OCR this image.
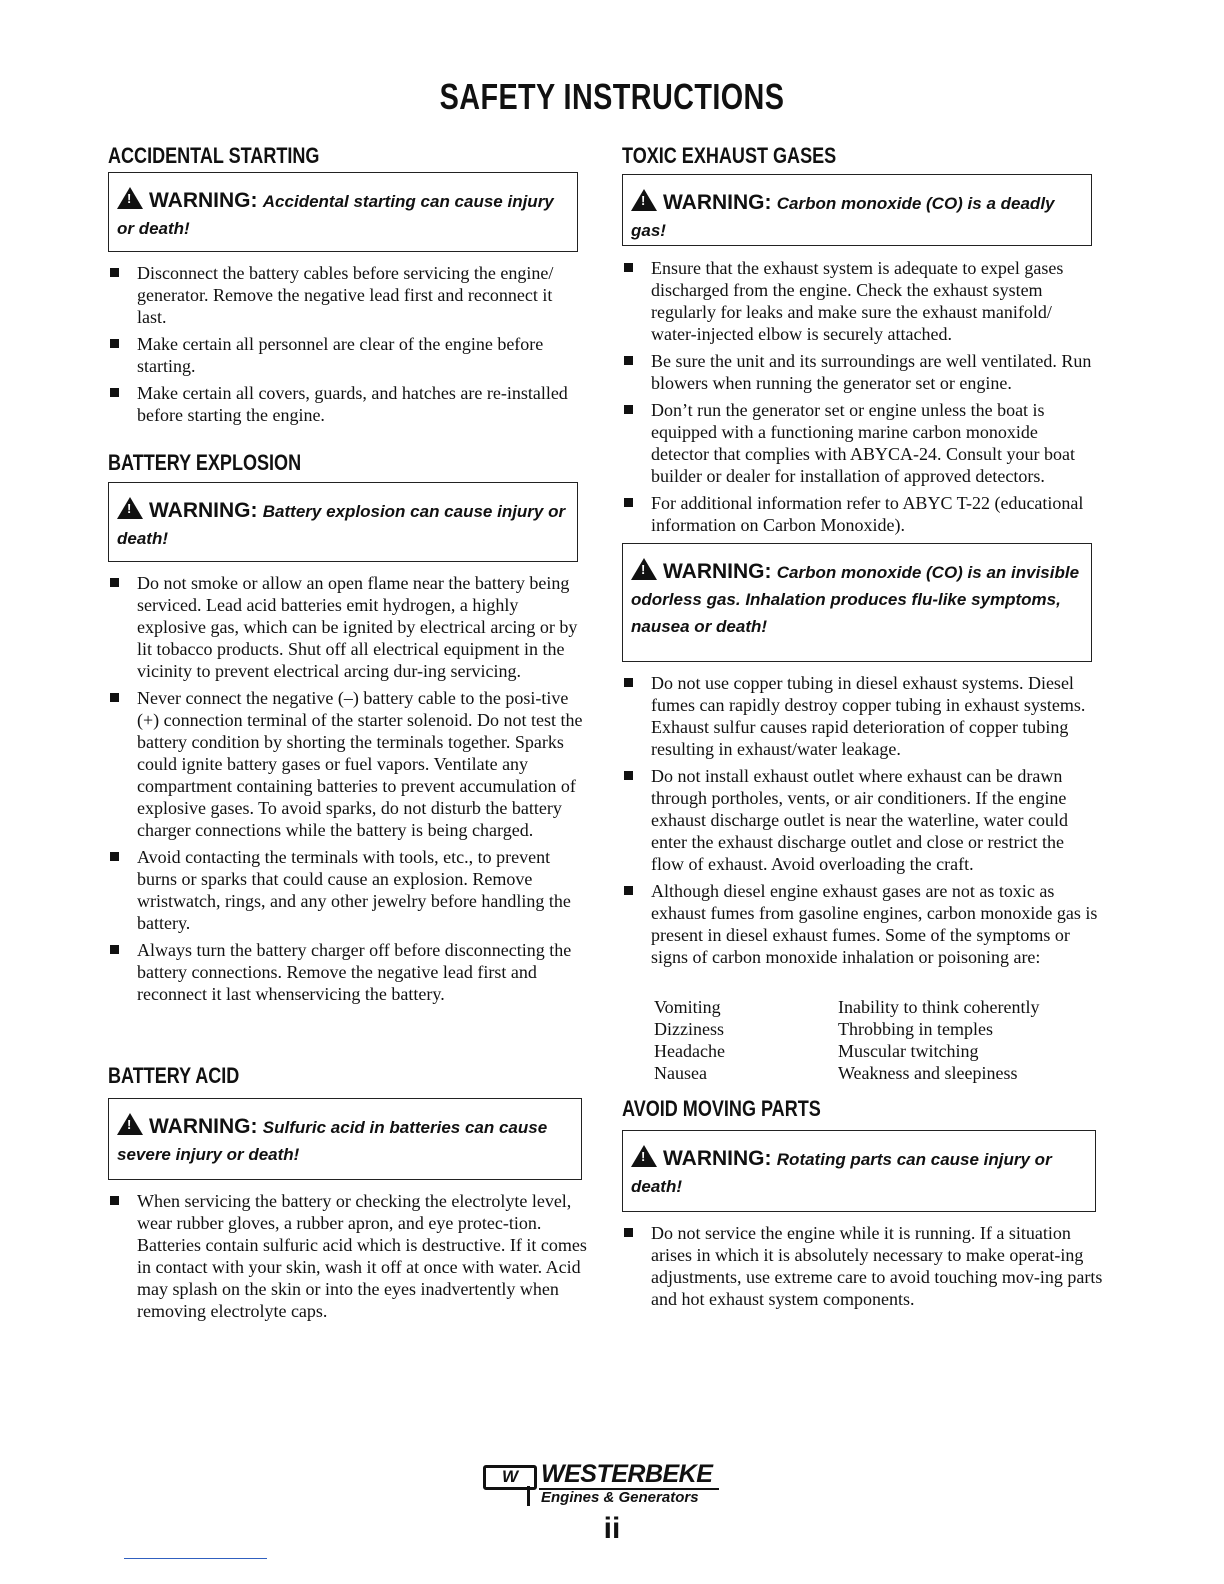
SAFETY INSTRUCTIONS
ACCIDENTAL STARTING
!WARNING: Accidental starting can cause injury or death!
Disconnect the battery cables before servicing the engine/ generator. Remove the negative lead first and reconnect it last.
Make certain all personnel are clear of the engine before starting.
Make certain all covers, guards, and hatches are re-installed before starting the engine.
BATTERY EXPLOSION
!WARNING: Battery explosion can cause injury or death!
Do not smoke or allow an open flame near the battery being serviced. Lead acid batteries emit hydrogen, a highly explosive gas, which can be ignited by electrical arcing or by lit tobacco products. Shut off all electrical equipment in the vicinity to prevent electrical arcing dur-ing servicing.
Never connect the negative (–) battery cable to the posi-tive (+) connection terminal of the starter solenoid. Do not test the battery condition by shorting the terminals together. Sparks could ignite battery gases or fuel vapors. Ventilate any compartment containing batteries to prevent accumulation of explosive gases. To avoid sparks, do not disturb the battery charger connections while the battery is being charged.
Avoid contacting the terminals with tools, etc., to prevent burns or sparks that could cause an explosion. Remove wristwatch, rings, and any other jewelry before handling the battery.
Always turn the battery charger off before disconnecting the battery connections. Remove the negative lead first and reconnect it last whenservicing the battery.
BATTERY ACID
!WARNING: Sulfuric acid in batteries can cause severe injury or death!
When servicing the battery or checking the electrolyte level, wear rubber gloves, a rubber apron, and eye protec-tion. Batteries contain sulfuric acid which is destructive. If it comes in contact with your skin, wash it off at once with water. Acid may splash on the skin or into the eyes inadvertently when removing electrolyte caps.
TOXIC EXHAUST GASES
!WARNING: Carbon monoxide (CO) is a deadly gas!
Ensure that the exhaust system is adequate to expel gases discharged from the engine. Check the exhaust system regularly for leaks and make sure the exhaust manifold/ water-injected elbow is securely attached.
Be sure the unit and its surroundings are well ventilated. Run blowers when running the generator set or engine.
Don’t run the generator set or engine unless the boat is equipped with a functioning marine carbon monoxide detector that complies with ABYCA-24. Consult your boat builder or dealer for installation of approved detectors.
For additional information refer to ABYC T-22 (educational information on Carbon Monoxide).
!WARNING: Carbon monoxide (CO) is an invisible odorless gas. Inhalation produces flu-like symptoms, nausea or death!
Do not use copper tubing in diesel exhaust systems. Diesel fumes can rapidly destroy copper tubing in exhaust systems. Exhaust sulfur causes rapid deterioration of copper tubing resulting in exhaust/water leakage.
Do not install exhaust outlet where exhaust can be drawn through portholes, vents, or air conditioners. If the engine exhaust discharge outlet is near the waterline, water could enter the exhaust discharge outlet and close or restrict the flow of exhaust. Avoid overloading the craft.
Although diesel engine exhaust gases are not as toxic as exhaust fumes from gasoline engines, carbon monoxide gas is present in diesel exhaust fumes. Some of the symptoms or signs of carbon monoxide inhalation or poisoning are:
AVOID MOVING PARTS
!WARNING: Rotating parts can cause injury or death!
Do not service the engine while it is running. If a situation arises in which it is absolutely necessary to make operat-ing adjustments, use extreme care to avoid touching mov-ing parts and hot exhaust system components.
Vomiting	Inability to think coherently
Dizziness	Throbbing in temples
Headache	Muscular twitching
Nausea	Weakness and sleepiness
W WESTERBEKE
Engines & Generators
ii
